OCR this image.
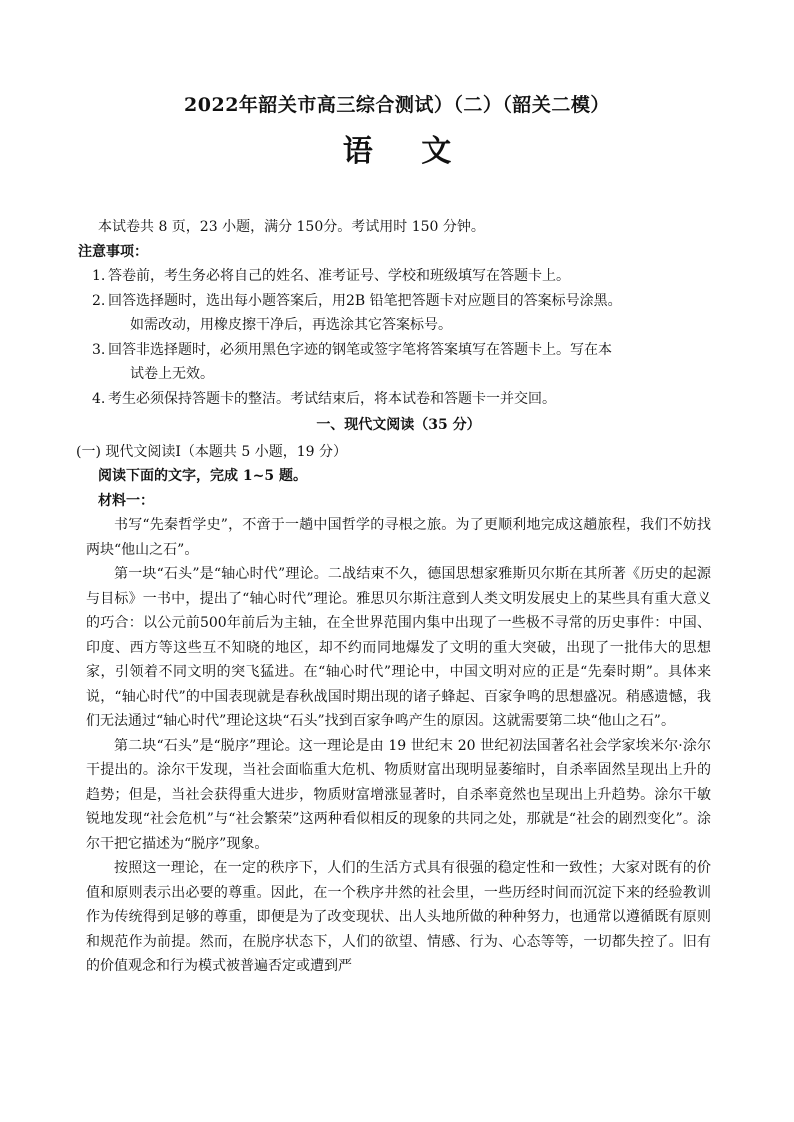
2022年韶关市高三综合测试）（二）（韶关二模）
语 文

本试卷共 8 页，23 小题，满分 150分。考试用时 150 分钟。

注意事项：

1. 答卷前，考生务必将自己的姓名、准考证号、学校和班级填写在答题卡上。

2. 回答选择题时，选出每小题答案后，用2B 铅笔把答题卡对应题目的答案标号涂黑。

如需改动，用橡皮擦干净后，再选涂其它答案标号。

3. 回答非选择题时，必须用黑色字迹的钢笔或签字笔将答案填写在答题卡上。写在本

试卷上无效。

4. 考生必须保持答题卡的整洁。考试结束后，将本试卷和答题卡一并交回。

一、现代文阅读（35 分）

(一) 现代文阅读Ⅰ（本题共 5 小题，19 分）

阅读下面的文字，完成 1~5 题。

材料一：

书写“先秦哲学史”，不啻于一趟中国哲学的寻根之旅。为了更顺利地完成这趟旅程，我们不妨找两块“他山之石”。

第一块“石头”是“轴心时代”理论。二战结束不久，德国思想家雅斯贝尔斯在其所著《历史的起源与目标》一书中，提出了“轴心时代”理论。雅思贝尔斯注意到人类文明发展史上的某些具有重大意义的巧合：以公元前500年前后为主轴，在全世界范围内集中出现了一些极不寻常的历史事件：中国、印度、西方等这些互不知晓的地区，却不约而同地爆发了文明的重大突破，出现了一批伟大的思想家，引领着不同文明的突飞猛进。在“轴心时代”理论中，中国文明对应的正是“先秦时期”。具体来说，“轴心时代”的中国表现就是春秋战国时期出现的诸子蜂起、百家争鸣的思想盛况。稍感遗憾，我们无法通过“轴心时代”理论这块“石头”找到百家争鸣产生的原因。这就需要第二块“他山之石”。

第二块“石头”是“脱序”理论。这一理论是由 19 世纪末 20 世纪初法国著名社会学家埃米尔·涂尔干提出的。涂尔干发现，当社会面临重大危机、物质财富出现明显萎缩时，自杀率固然呈现出上升的趋势；但是，当社会获得重大进步，物质财富增涨显著时，自杀率竟然也呈现出上升趋势。涂尔干敏锐地发现“社会危机”与“社会繁荣”这两种看似相反的现象的共同之处，那就是“社会的剧烈变化”。涂尔干把它描述为“脱序”现象。

按照这一理论，在一定的秩序下，人们的生活方式具有很强的稳定性和一致性；大家对既有的价值和原则表示出必要的尊重。因此，在一个秩序井然的社会里，一些历经时间而沉淀下来的经验教训作为传统得到足够的尊重，即便是为了改变现状、出人头地所做的种种努力，也通常以遵循既有原则和规范作为前提。然而，在脱序状态下，人们的欲望、情感、行为、心态等等，一切都失控了。旧有的价值观念和行为模式被普遍否定或遭到严
